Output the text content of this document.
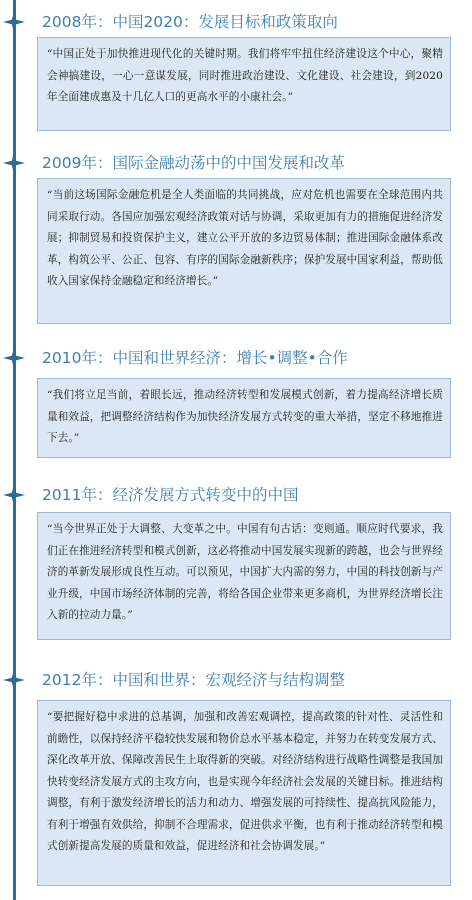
2008年：中国2020：发展目标和政策取向
“中国正处于加快推进现代化的关键时期。我们将牢牢扭住经济建设这个中心，聚精会神搞建设，一心一意谋发展，同时推进政治建设、文化建设、社会建设，到2020年全面建成惠及十几亿人口的更高水平的小康社会。”
2009年：国际金融动荡中的中国发展和改革
“当前这场国际金融危机是全人类面临的共同挑战，应对危机也需要在全球范围内共同采取行动。各国应加强宏观经济政策对话与协调，采取更加有力的措施促进经济发展；抑制贸易和投资保护主义，建立公平开放的多边贸易体制；推进国际金融体系改革，构筑公平、公正、包容、有序的国际金融新秩序；保护发展中国家利益，帮助低收入国家保持金融稳定和经济增长。”
2010年：中国和世界经济：增长•调整•合作
“我们将立足当前，着眼长远，推动经济转型和发展模式创新，着力提高经济增长质量和效益，把调整经济结构作为加快经济发展方式转变的重大举措，坚定不移地推进下去。”
2011年：经济发展方式转变中的中国
“当今世界正处于大调整、大变革之中。中国有句古话：变则通。顺应时代要求，我们正在推进经济转型和模式创新，这必将推动中国发展实现新的跨越，也会与世界经济的革新发展形成良性互动。可以预见，中国扩大内需的努力，中国的科技创新与产业升级，中国市场经济体制的完善，将给各国企业带来更多商机，为世界经济增长注入新的拉动力量。”
2012年：中国和世界：宏观经济与结构调整
“要把握好稳中求进的总基调，加强和改善宏观调控，提高政策的针对性、灵活性和前瞻性，以保持经济平稳较快发展和物价总水平基本稳定，并努力在转变发展方式、深化改革开放、保障改善民生上取得新的突破。对经济结构进行战略性调整是我国加快转变经济发展方式的主攻方向，也是实现今年经济社会发展的关键目标。推进结构调整，有利于激发经济增长的活力和动力、增强发展的可持续性、提高抗风险能力，有利于增强有效供给，抑制不合理需求，促进供求平衡，也有利于推动经济转型和模式创新提高发展的质量和效益，促进经济和社会协调发展。”
